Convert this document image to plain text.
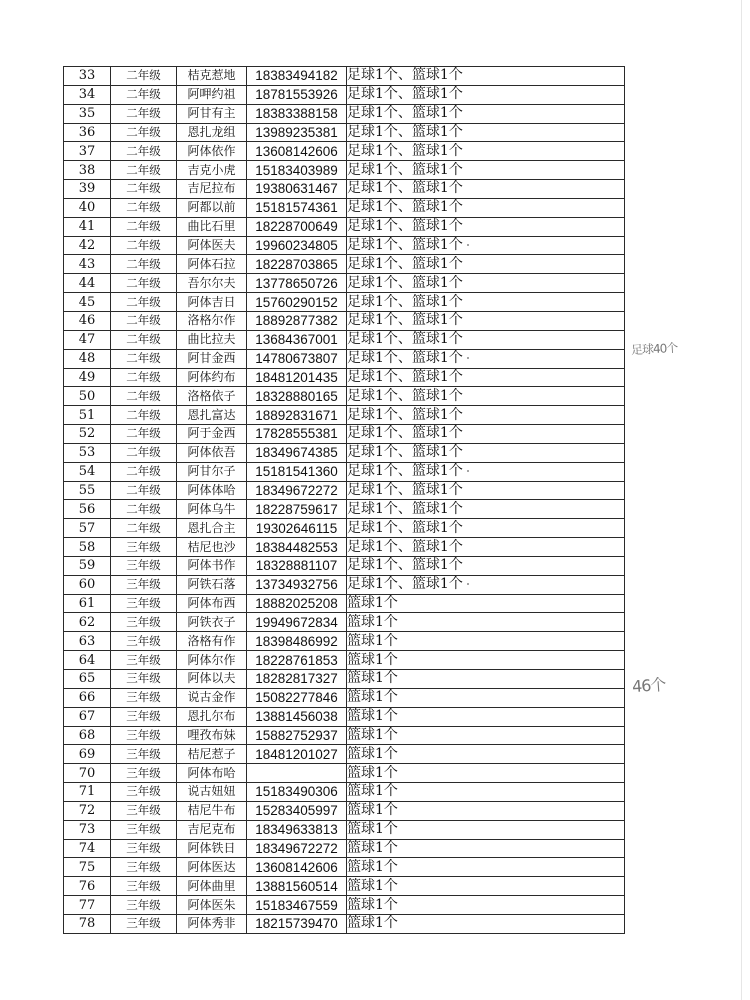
33	二年级	桔克惹地	18383494182	足球1个、篮球1个
34	二年级	阿呷约祖	18781553926	足球1个、篮球1个
35	二年级	阿甘有主	18383388158	足球1个、篮球1个
36	二年级	恩扎龙组	13989235381	足球1个、篮球1个
37	二年级	阿体依作	13608142606	足球1个、篮球1个
38	二年级	吉克小虎	15183403989	足球1个、篮球1个
39	二年级	吉尼拉布	19380631467	足球1个、篮球1个
40	二年级	阿都以前	15181574361	足球1个、篮球1个
41	二年级	曲比石里	18228700649	足球1个、篮球1个
42	二年级	阿体医夫	19960234805	足球1个、篮球1个
43	二年级	阿体石拉	18228703865	足球1个、篮球1个
44	二年级	吾尔尔夫	13778650726	足球1个、篮球1个
45	二年级	阿体吉日	15760290152	足球1个、篮球1个
46	二年级	洛格尔作	18892877382	足球1个、篮球1个
47	二年级	曲比拉夫	13684367001	足球1个、篮球1个
48	二年级	阿甘金西	14780673807	足球1个、篮球1个
49	二年级	阿体约布	18481201435	足球1个、篮球1个
50	二年级	洛格依子	18328880165	足球1个、篮球1个
51	二年级	恩扎富达	18892831671	足球1个、篮球1个
52	二年级	阿于金西	17828555381	足球1个、篮球1个
53	二年级	阿体依吾	18349674385	足球1个、篮球1个
54	二年级	阿甘尔子	15181541360	足球1个、篮球1个
55	二年级	阿体体哈	18349672272	足球1个、篮球1个
56	二年级	阿体乌牛	18228759617	足球1个、篮球1个
57	二年级	恩扎合主	19302646115	足球1个、篮球1个
58	三年级	桔尼也沙	18384482553	足球1个、篮球1个
59	三年级	阿体书作	18328881107	足球1个、篮球1个
60	三年级	阿铁石落	13734932756	足球1个、篮球1个
61	三年级	阿体布西	18882025208	篮球1个
62	三年级	阿铁衣子	19949672834	篮球1个
63	三年级	洛格有作	18398486992	篮球1个
64	三年级	阿体尔作	18228761853	篮球1个
65	三年级	阿体以夫	18282817327	篮球1个
66	三年级	说古金作	15082277846	篮球1个
67	三年级	恩扎尔布	13881456038	篮球1个
68	三年级	哩孜布妹	15882752937	篮球1个
69	三年级	桔尼惹子	18481201027	篮球1个
70	三年级	阿体布哈		篮球1个
71	三年级	说古妞妞	15183490306	篮球1个
72	三年级	桔尼牛布	15283405997	篮球1个
73	三年级	吉尼克布	18349633813	篮球1个
74	三年级	阿体铁日	18349672272	篮球1个
75	三年级	阿体医达	13608142606	篮球1个
76	三年级	阿体曲里	13881560514	篮球1个
77	三年级	阿体医朱	15183467559	篮球1个
78	三年级	阿体秀非	18215739470	篮球1个
足球40个
46个
